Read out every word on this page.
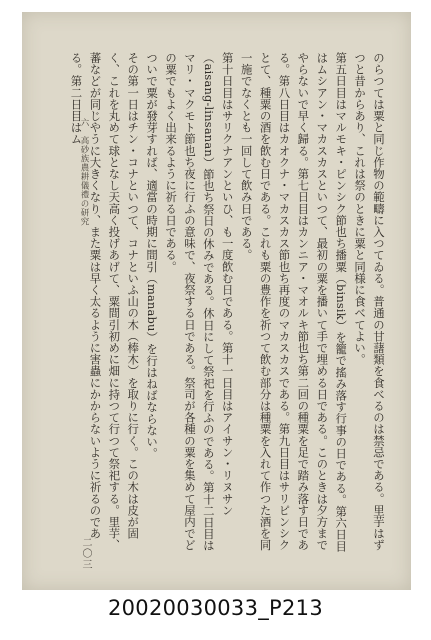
のらつては粟と同じ作物の範疇に入つてゐる。普通の甘藷類を食べるのは禁忌である。里芋はずつと昔からあり、これは祭のときに粟と同様に食べてよい。

第五日目はマルモキ・ピンシク節也ち播粟（binsik）を籠で搖み落す行事の日である。第六日目はムシアン・マカスカスといつて、最初の粟を播いて手で埋める日である。このときは夕方までやらないで早く歸る。第七日目はカンニア・マオルキ節也ち第二回の種粟を足で踏み落す日である。第八日目はカオクナ・マカスカス節也ち再度のマカスカスである。第九日目はサリピンシクとて、種粟の酒を飲む日である。これも粟の豊作を祈つて飲む部分は種粟を入れて作つた酒を同一施でなくとも一回して飲み日である。

第十日目はサリクナアンといひ、も一度飲む日である。第十一日目はアイサン・リヌサン（aisang-linsanan）節也ち祭日の休みである。休日にして祭祀を行ふのである。第十二日目はマリ・マクモト節也ち夜に行ふの意味で、夜祭する日である。祭司が各種の粟を集めて屋内でどの粟でもよく出来るように祈る日である。

ついで粟が發芽すれば、適當の時期に間引（manabu）を行はねばならない。

その第一日はチン・コナといつて、コナといふ山の木（棒木）を取りに行く。この木は皮が固く、これを丸めて球となし天高く投げあげて、粟間引初めに畑に持つて行つて祭祀する。里芋、蕃などが同じやうに大きくなり、また粟は早く太るように害蟲にかからないように祈るのである。第二日目はム

六　高砂族農耕儀禮の研究
二〇三
20020030033_P213
